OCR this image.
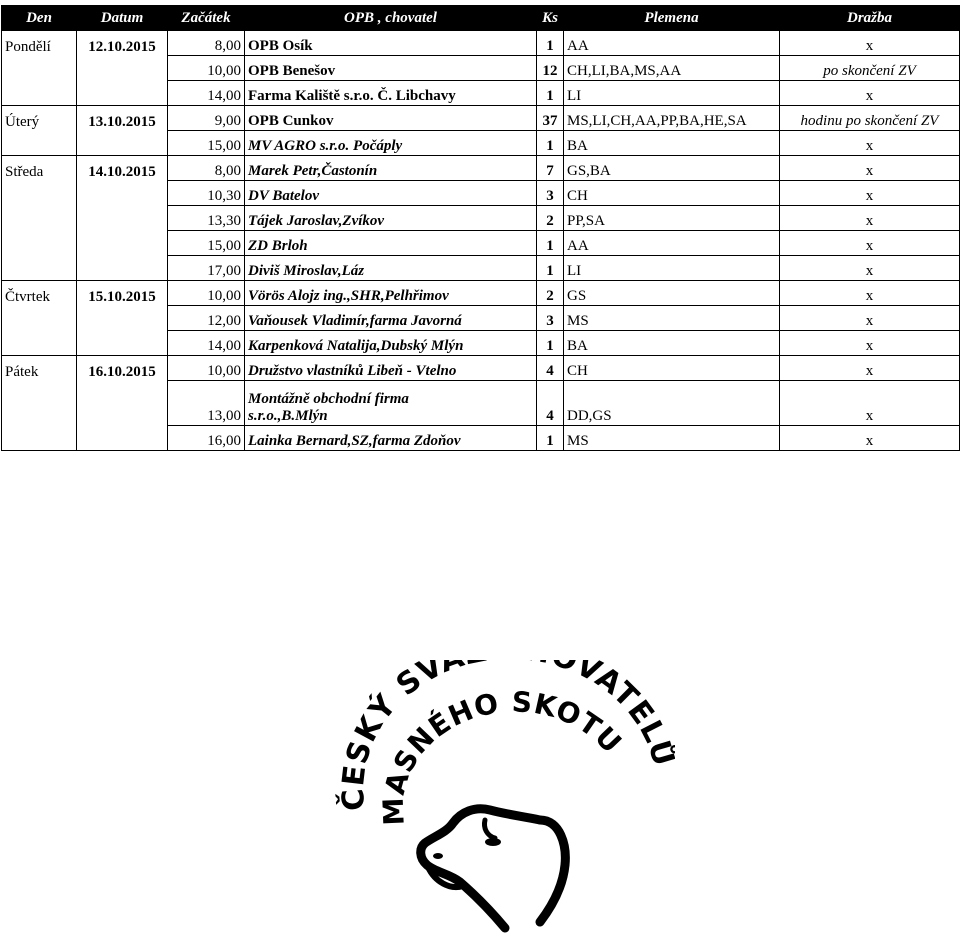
Den	Datum	Začátek	OPB , chovatel	Ks	Plemena	Dražba
Pondělí	12.10.2015	8,00	OPB Osík	1	AA	x
		10,00	OPB Benešov	12	CH,LI,BA,MS,AA	po skončení ZV
		14,00	Farma Kaliště s.r.o. Č. Libchavy	1	LI	x
Úterý	13.10.2015	9,00	OPB Cunkov	37	MS,LI,CH,AA,PP,BA,HE,SA	hodinu po skončení ZV
		15,00	MV AGRO s.r.o. Počáply	1	BA	x
Středa	14.10.2015	8,00	Marek Petr,Častonín	7	GS,BA	x
		10,30	DV Batelov	3	CH	x
		13,30	Tájek Jaroslav,Zvíkov	2	PP,SA	x
		15,00	ZD Brloh	1	AA	x
		17,00	Diviš Miroslav,Láz	1	LI	x
Čtvrtek	15.10.2015	10,00	Vörös Alojz ing.,SHR,Pelhřimov	2	GS	x
		12,00	Vaňousek Vladimír,farma Javorná	3	MS	x
		14,00	Karpenková Natalija,Dubský Mlýn	1	BA	x
Pátek	16.10.2015	10,00	Družstvo vlastníků Libeň - Vtelno	4	CH	x
		13,00	Montážně obchodní firma
s.r.o.,B.Mlýn	4	DD,GS	x
		16,00	Lainka Bernard,SZ,farma Zdoňov	1	MS	x
ČESKÝ SV VATEL
MASNÉHO SKOTU
